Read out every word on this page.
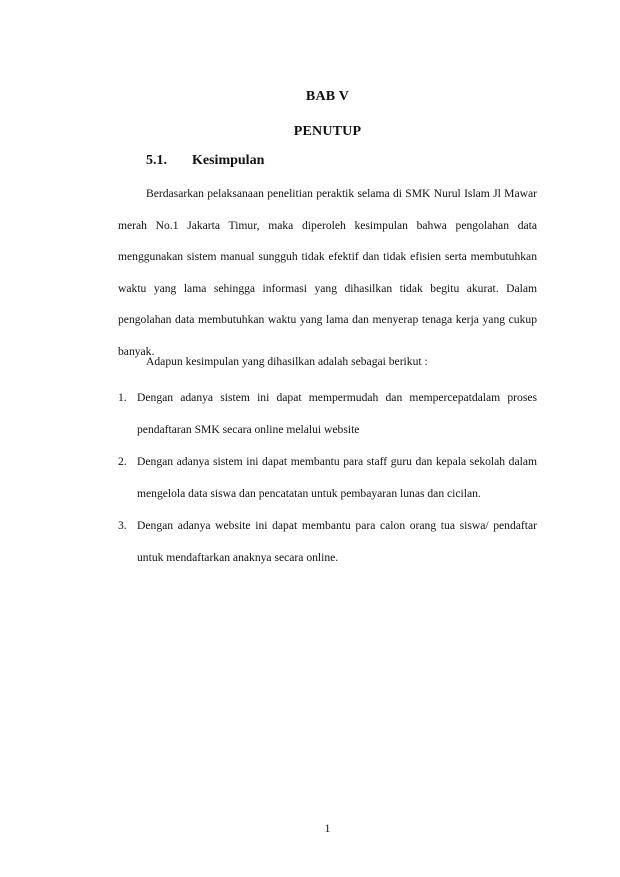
BAB V
PENUTUP
5.1. Kesimpulan
Berdasarkan pelaksanaan penelitian peraktik selama di SMK Nurul Islam Jl Mawar merah No.1 Jakarta Timur, maka diperoleh kesimpulan bahwa pengolahan data menggunakan sistem manual sungguh tidak efektif dan tidak efisien serta membutuhkan waktu yang lama sehingga informasi yang dihasilkan tidak begitu akurat. Dalam pengolahan data membutuhkan waktu yang lama dan menyerap tenaga kerja yang cukup banyak.
Adapun kesimpulan yang dihasilkan adalah sebagai berikut :
1. Dengan adanya sistem ini dapat mempermudah dan mempercepatdalam proses pendaftaran SMK secara online melalui website
2. Dengan adanya sistem ini dapat membantu para staff guru dan kepala sekolah dalam mengelola data siswa dan pencatatan untuk pembayaran lunas dan cicilan.
3. Dengan adanya website ini dapat membantu para calon orang tua siswa/ pendaftar untuk mendaftarkan anaknya secara online.
1
